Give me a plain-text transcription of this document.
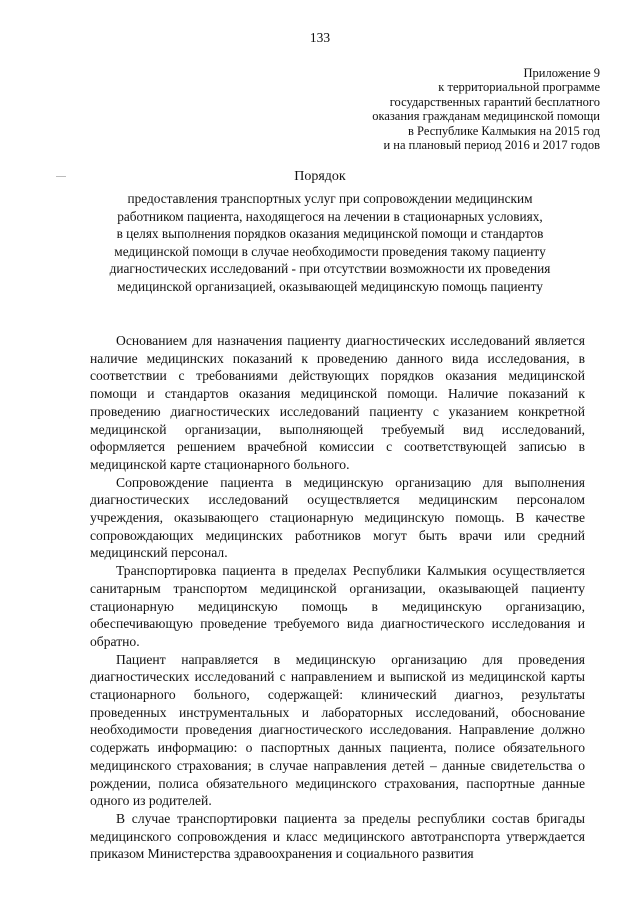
133
Приложение 9
к территориальной программе
государственных гарантий бесплатного
оказания гражданам медицинской помощи
в Республике Калмыкия на 2015 год
и на плановый период 2016 и 2017 годов
Порядок
предоставления транспортных услуг при сопровождении медицинским
работником пациента, находящегося на лечении в стационарных условиях,
в целях выполнения порядков оказания медицинской помощи и стандартов
медицинской помощи в случае необходимости проведения такому пациенту
диагностических исследований - при отсутствии возможности их проведения
медицинской организацией, оказывающей медицинскую помощь пациенту

Основанием для назначения пациенту диагностических исследований является наличие медицинских показаний к проведению данного вида исследования, в соответствии с требованиями действующих порядков оказания медицинской помощи и стандартов оказания медицинской помощи. Наличие показаний к проведению диагностических исследований пациенту с указанием конкретной медицинской организации, выполняющей требуемый вид исследований, оформляется решением врачебной комиссии с соответствующей записью в медицинской карте стационарного больного.

Сопровождение пациента в медицинскую организацию для выполнения диагностических исследований осуществляется медицинским персоналом учреждения, оказывающего стационарную медицинскую помощь. В качестве сопровождающих медицинских работников могут быть врачи или средний медицинский персонал.

Транспортировка пациента в пределах Республики Калмыкия осуществляется санитарным транспортом медицинской организации, оказывающей пациенту стационарную медицинскую помощь в медицинскую организацию, обеспечивающую проведение требуемого вида диагностического исследования и обратно.

Пациент направляется в медицинскую организацию для проведения диагностических исследований с направлением и выпиской из медицинской карты стационарного больного, содержащей: клинический диагноз, результаты проведенных инструментальных и лабораторных исследований, обоснование необходимости проведения диагностического исследования. Направление должно содержать информацию: о паспортных данных пациента, полисе обязательного медицинского страхования; в случае направления детей – данные свидетельства о рождении, полиса обязательного медицинского страхования, паспортные данные одного из родителей.

В случае транспортировки пациента за пределы республики состав бригады медицинского сопровождения и класс медицинского автотранспорта утверждается приказом Министерства здравоохранения и социального развития
